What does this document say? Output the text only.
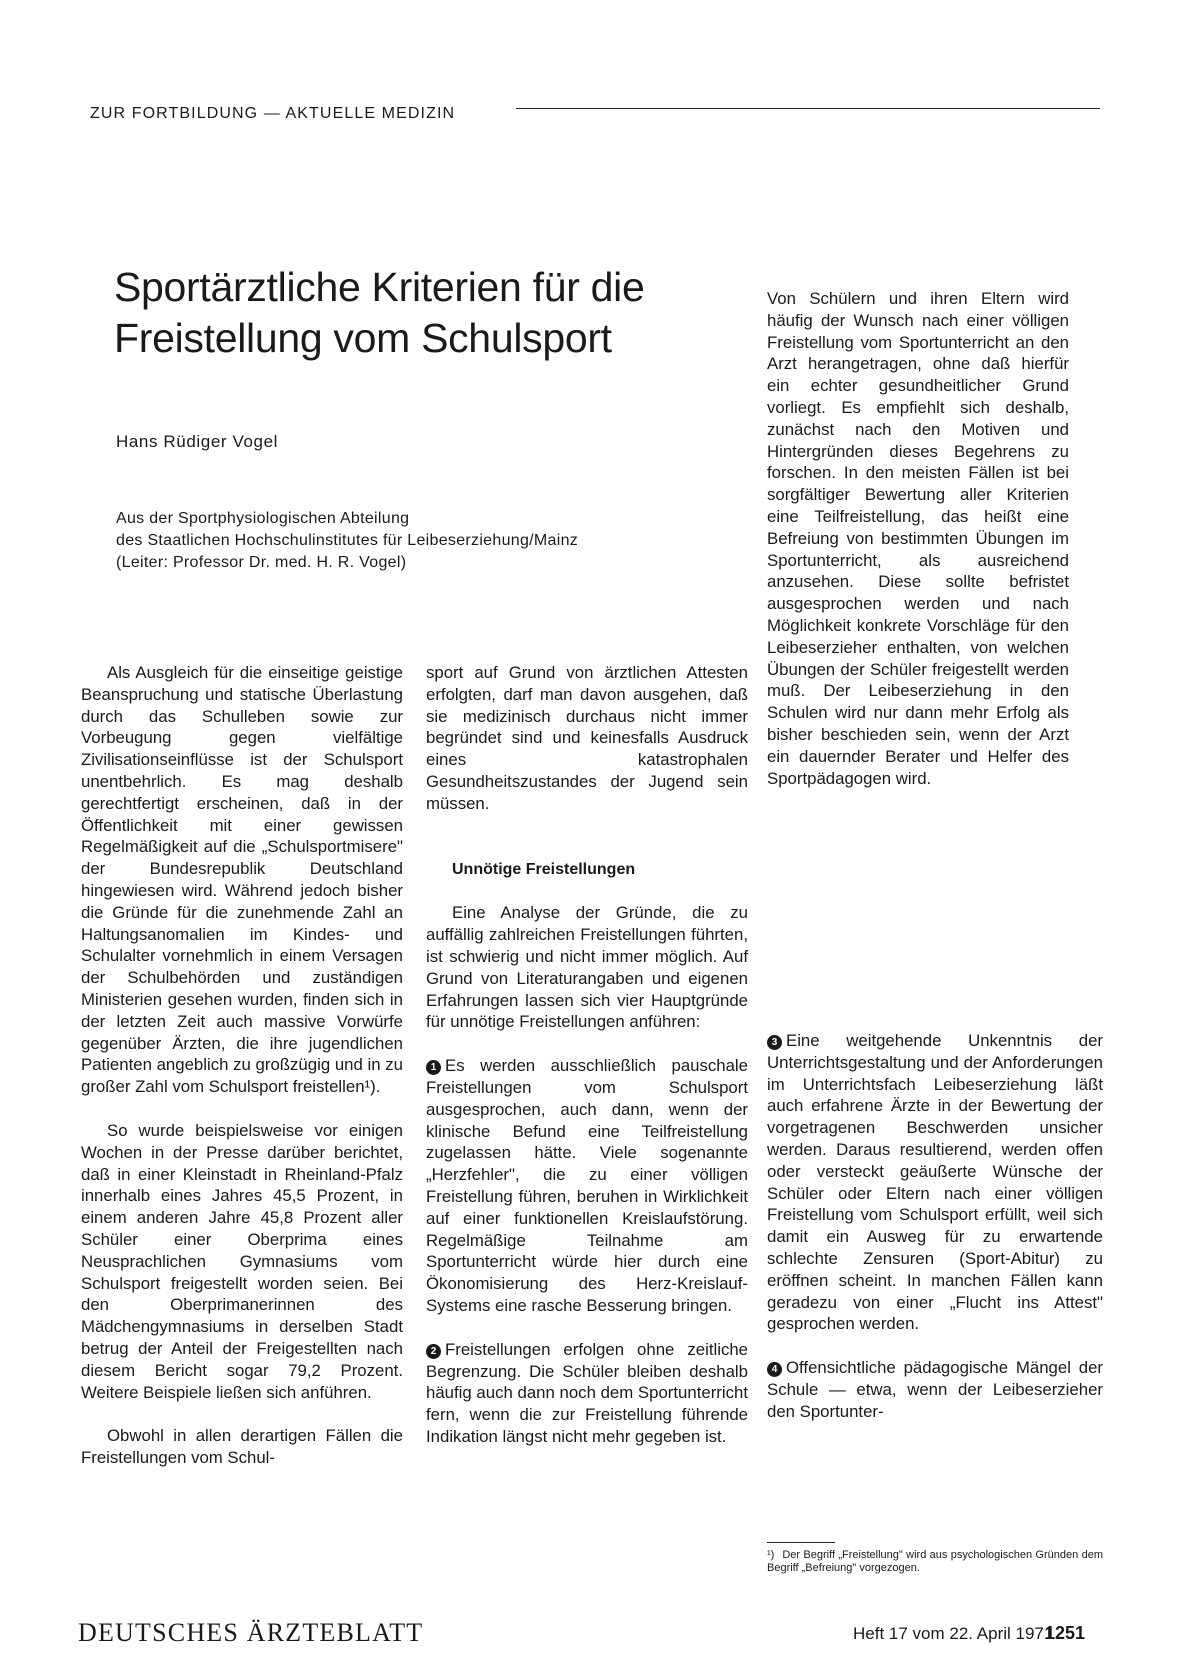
ZUR FORTBILDUNG — AKTUELLE MEDIZIN
Sportärztliche Kriterien für die
Freistellung vom Schulsport
Hans Rüdiger Vogel
Aus der Sportphysiologischen Abteilung
des Staatlichen Hochschulinstitutes für Leibeserziehung/Mainz
(Leiter: Professor Dr. med. H. R. Vogel)

Von Schülern und ihren Eltern wird häufig der Wunsch nach einer völligen Freistellung vom Sportunterricht an den Arzt herangetragen, ohne daß hierfür ein echter gesundheitlicher Grund vorliegt. Es empfiehlt sich deshalb, zunächst nach den Motiven und Hintergründen dieses Begehrens zu forschen. In den meisten Fällen ist bei sorgfältiger Bewertung aller Kriterien eine Teilfreistellung, das heißt eine Befreiung von bestimmten Übungen im Sportunterricht, als ausreichend anzusehen. Diese sollte befristet ausgesprochen werden und nach Möglichkeit konkrete Vorschläge für den Leibeserzieher enthalten, von welchen Übungen der Schüler freigestellt werden muß. Der Leibeserziehung in den Schulen wird nur dann mehr Erfolg als bisher beschieden sein, wenn der Arzt ein dauernder Berater und Helfer des Sportpädagogen wird.

Als Ausgleich für die einseitige geistige Beanspruchung und statische Überlastung durch das Schulleben sowie zur Vorbeugung gegen vielfältige Zivilisationseinflüsse ist der Schulsport unentbehrlich. Es mag deshalb gerechtfertigt erscheinen, daß in der Öffentlichkeit mit einer gewissen Regelmäßigkeit auf die „Schulsportmisere" der Bundesrepublik Deutschland hingewiesen wird. Während jedoch bisher die Gründe für die zunehmende Zahl an Haltungsanomalien im Kindes- und Schulalter vornehmlich in einem Versagen der Schulbehörden und zuständigen Ministerien gesehen wurden, finden sich in der letzten Zeit auch massive Vorwürfe gegenüber Ärzten, die ihre jugendlichen Patienten angeblich zu großzügig und in zu großer Zahl vom Schulsport freistellen¹).

So wurde beispielsweise vor einigen Wochen in der Presse darüber berichtet, daß in einer Kleinstadt in Rheinland-Pfalz innerhalb eines Jahres 45,5 Prozent, in einem anderen Jahre 45,8 Prozent aller Schüler einer Oberprima eines Neusprachlichen Gymnasiums vom Schulsport freigestellt worden seien. Bei den Oberprimanerinnen des Mädchengymnasiums in derselben Stadt betrug der Anteil der Freigestellten nach diesem Bericht sogar 79,2 Prozent. Weitere Beispiele ließen sich anführen.

Obwohl in allen derartigen Fällen die Freistellungen vom Schul-

sport auf Grund von ärztlichen Attesten erfolgten, darf man davon ausgehen, daß sie medizinisch durchaus nicht immer begründet sind und keinesfalls Ausdruck eines katastrophalen Gesundheitszustandes der Jugend sein müssen.

Unnötige Freistellungen

Eine Analyse der Gründe, die zu auffällig zahlreichen Freistellungen führten, ist schwierig und nicht immer möglich. Auf Grund von Literaturangaben und eigenen Erfahrungen lassen sich vier Hauptgründe für unnötige Freistellungen anführen:

1 Es werden ausschließlich pauschale Freistellungen vom Schulsport ausgesprochen, auch dann, wenn der klinische Befund eine Teilfreistellung zugelassen hätte. Viele sogenannte „Herzfehler", die zu einer völligen Freistellung führen, beruhen in Wirklichkeit auf einer funktionellen Kreislaufstörung. Regelmäßige Teilnahme am Sportunterricht würde hier durch eine Ökonomisierung des Herz-Kreislauf-Systems eine rasche Besserung bringen.

2 Freistellungen erfolgen ohne zeitliche Begrenzung. Die Schüler bleiben deshalb häufig auch dann noch dem Sportunterricht fern, wenn die zur Freistellung führende Indikation längst nicht mehr gegeben ist.

3 Eine weitgehende Unkenntnis der Unterrichtsgestaltung und der Anforderungen im Unterrichtsfach Leibeserziehung läßt auch erfahrene Ärzte in der Bewertung der vorgetragenen Beschwerden unsicher werden. Daraus resultierend, werden offen oder versteckt geäußerte Wünsche der Schüler oder Eltern nach einer völligen Freistellung vom Schulsport erfüllt, weil sich damit ein Ausweg für zu erwartende schlechte Zensuren (Sport-Abitur) zu eröffnen scheint. In manchen Fällen kann geradezu von einer „Flucht ins Attest" gesprochen werden.

4 Offensichtliche pädagogische Mängel der Schule — etwa, wenn der Leibeserzieher den Sportunter-

¹) Der Begriff „Freistellung" wird aus psychologischen Gründen dem Begriff „Befreiung" vorgezogen.
DEUTSCHES ÄRZTEBLATT	Heft 17 vom 22. April 1971
1251
